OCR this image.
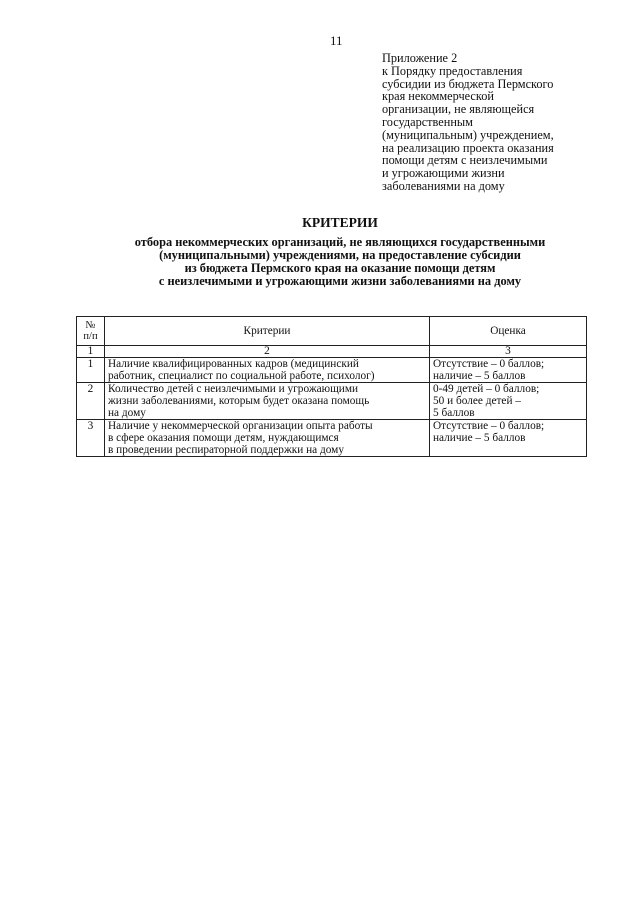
11
Приложение 2
к Порядку предоставления
субсидии из бюджета Пермского
края некоммерческой
организации, не являющейся
государственным
(муниципальным) учреждением,
на реализацию проекта оказания
помощи детям с неизлечимыми
и угрожающими жизни
заболеваниями на дому
КРИТЕРИИ
отбора некоммерческих организаций, не являющихся государственными
(муниципальными) учреждениями, на предоставление субсидии
из бюджета Пермского края на оказание помощи детям
с неизлечимыми и угрожающими жизни заболеваниями на дому
№
п/п	Критерии	Оценка
1	2	3
1	Наличие квалифицированных кадров (медицинский
работник, специалист по социальной работе, психолог)	Отсутствие – 0 баллов;
наличие – 5 баллов

2	Количество детей с неизлечимыми и угрожающими
жизни заболеваниями, которым будет оказана помощь
на дому	0-49 детей – 0 баллов;
50 и более детей –
5 баллов

3	Наличие у некоммерческой организации опыта работы
в сфере оказания помощи детям, нуждающимся
в проведении респираторной поддержки на дому	Отсутствие – 0 баллов;
наличие – 5 баллов
